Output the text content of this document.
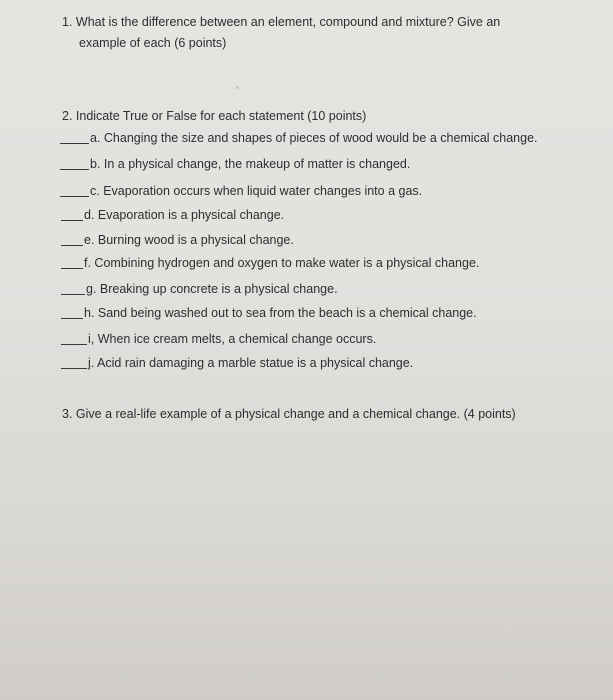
1. What is the difference between an element, compound and mixture? Give an
example of each (6 points)
2. Indicate True or False for each statement (10 points)
a. Changing the size and shapes of pieces of wood would be a chemical change.
b. In a physical change, the makeup of matter is changed.
c. Evaporation occurs when liquid water changes into a gas.
d. Evaporation is a physical change.
e. Burning wood is a physical change.
f. Combining hydrogen and oxygen to make water is a physical change.
g. Breaking up concrete is a physical change.
h. Sand being washed out to sea from the beach is a chemical change.
i, When ice cream melts, a chemical change occurs.
j. Acid rain damaging a marble statue is a physical change.
3. Give a real-life example of a physical change and a chemical change. (4 points)
